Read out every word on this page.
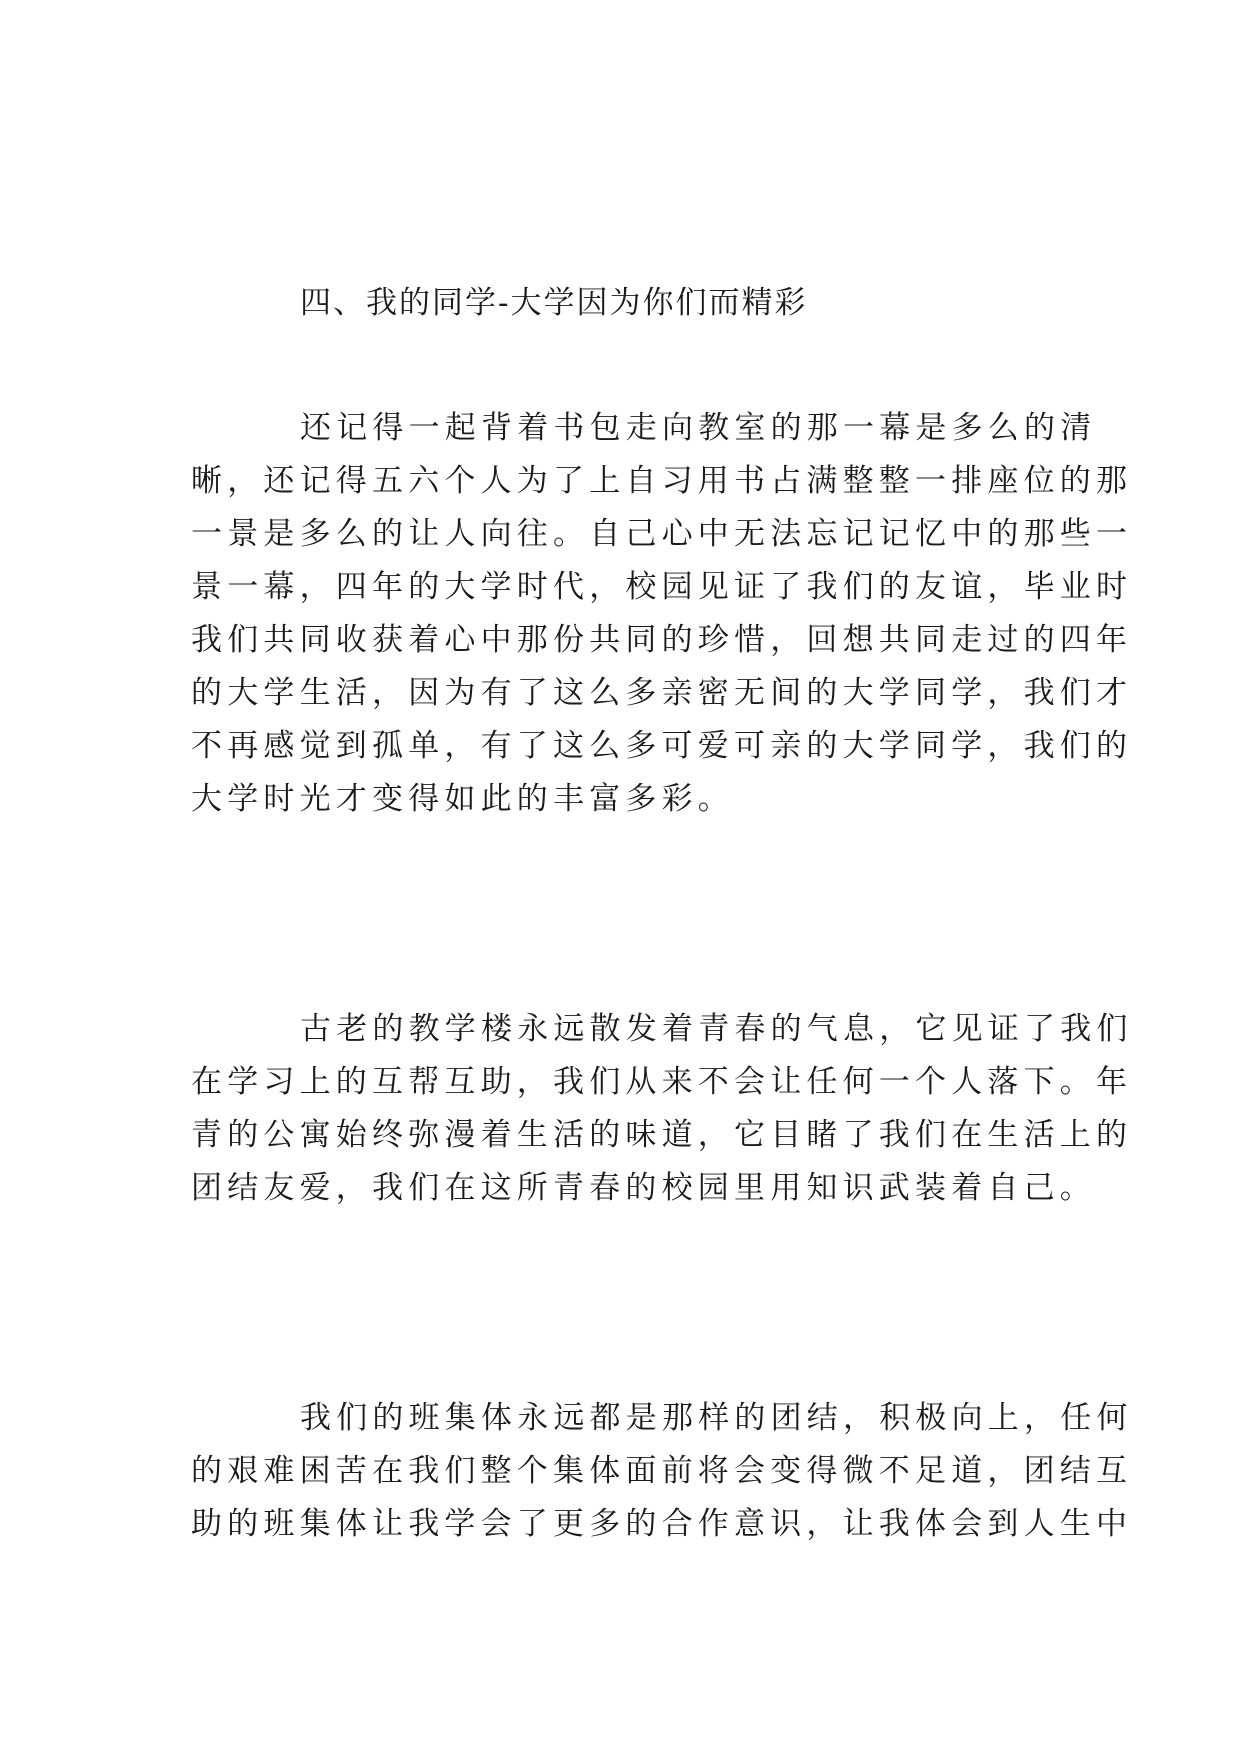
四、我的同学-大学因为你们而精彩
还记得一起背着书包走向教室的那一幕是多么的清
晰，还记得五六个人为了上自习用书占满整整一排座位的那
一景是多么的让人向往。自己心中无法忘记记忆中的那些一
景一幕，四年的大学时代，校园见证了我们的友谊，毕业时
我们共同收获着心中那份共同的珍惜，回想共同走过的四年
的大学生活，因为有了这么多亲密无间的大学同学，我们才
不再感觉到孤单，有了这么多可爱可亲的大学同学，我们的
大学时光才变得如此的丰富多彩。
古老的教学楼永远散发着青春的气息，它见证了我们
在学习上的互帮互助，我们从来不会让任何一个人落下。年
青的公寓始终弥漫着生活的味道，它目睹了我们在生活上的
团结友爱，我们在这所青春的校园里用知识武装着自己。
我们的班集体永远都是那样的团结，积极向上，任何
的艰难困苦在我们整个集体面前将会变得微不足道，团结互
助的班集体让我学会了更多的合作意识，让我体会到人生中
